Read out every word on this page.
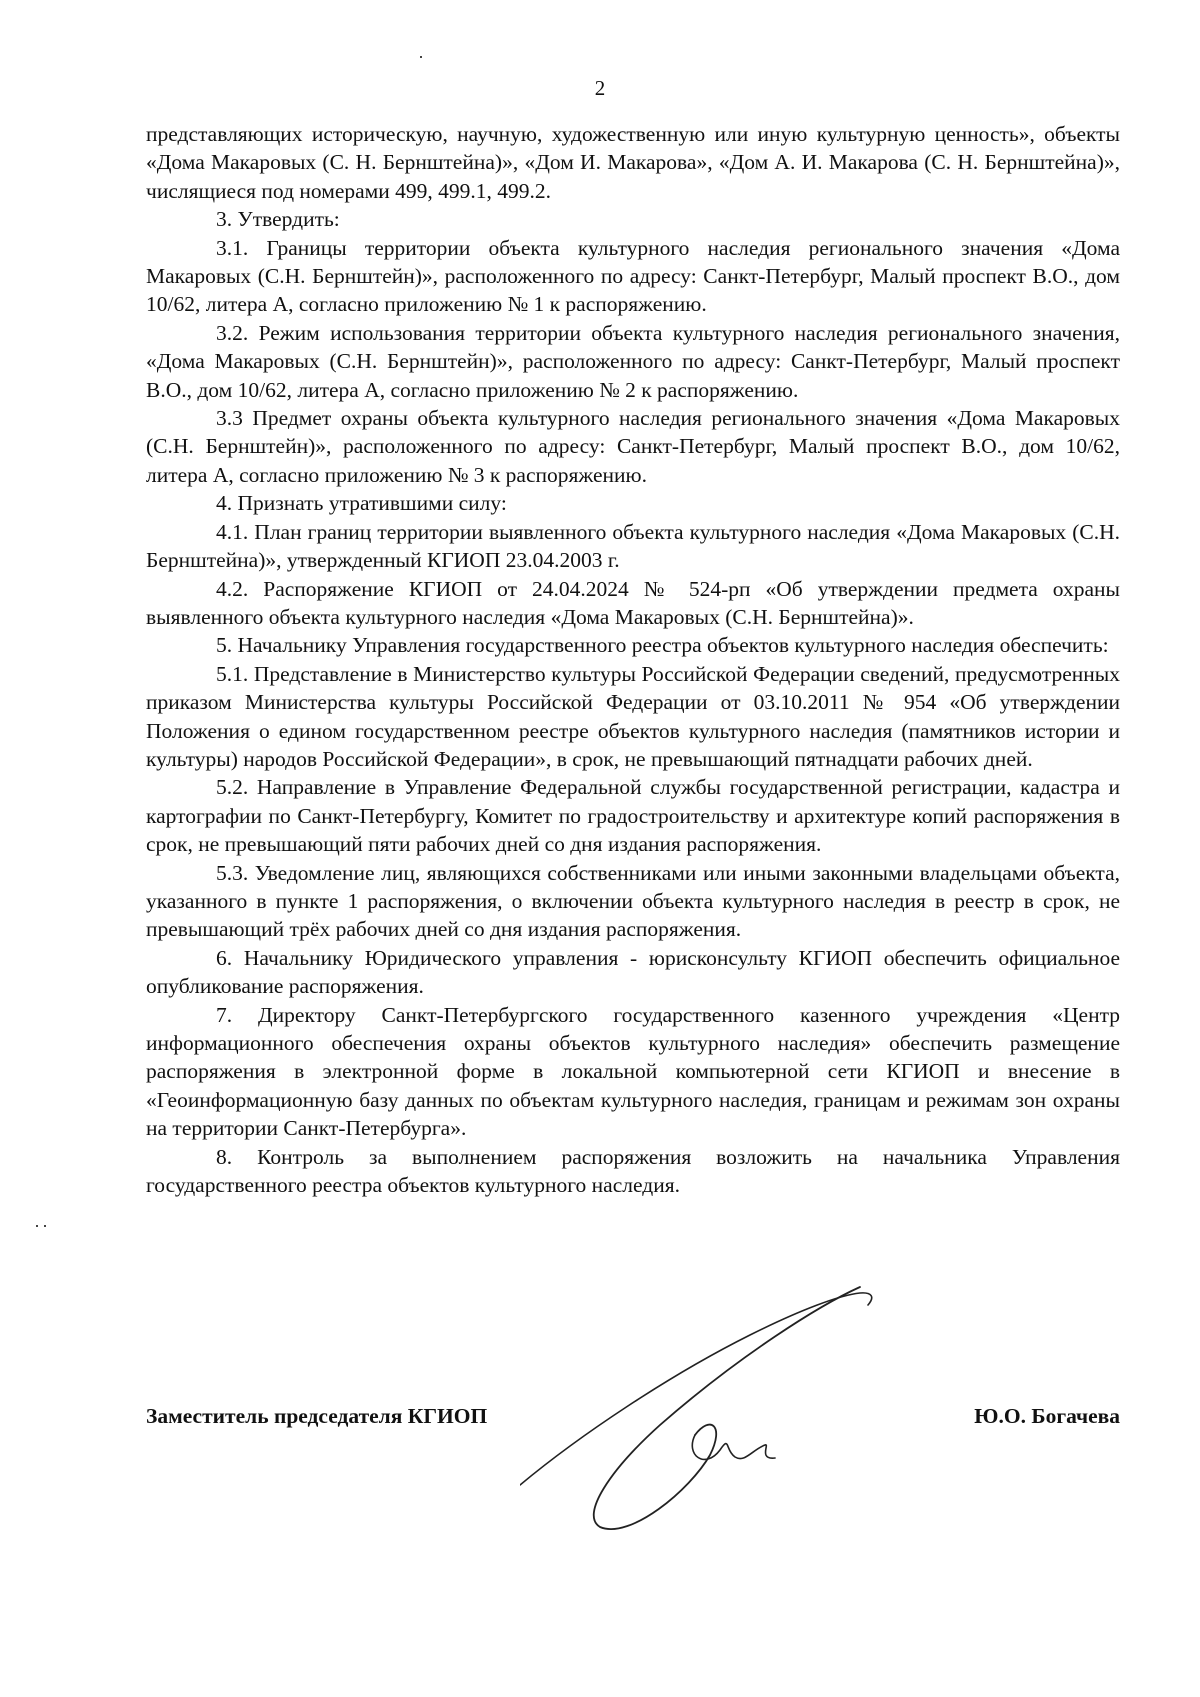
2

представляющих историческую, научную, художественную или иную культурную ценность», объекты «Дома Макаровых (С. Н. Бернштейна)», «Дом И. Макарова», «Дом А. И. Макарова (С. Н. Бернштейна)», числящиеся под номерами 499, 499.1, 499.2.

3. Утвердить:

3.1. Границы территории объекта культурного наследия регионального значения «Дома Макаровых (С.Н. Бернштейн)», расположенного по адресу: Санкт-Петербург, Малый проспект В.О., дом 10/62, литера А, согласно приложению № 1 к распоряжению.

3.2. Режим использования территории объекта культурного наследия регионального значения, «Дома Макаровых (С.Н. Бернштейн)», расположенного по адресу: Санкт-Петербург, Малый проспект В.О., дом 10/62, литера А, согласно приложению № 2 к распоряжению.

3.3 Предмет охраны объекта культурного наследия регионального значения «Дома Макаровых (С.Н. Бернштейн)», расположенного по адресу: Санкт-Петербург, Малый проспект В.О., дом 10/62, литера А, согласно приложению № 3 к распоряжению.

4. Признать утратившими силу:

4.1. План границ территории выявленного объекта культурного наследия «Дома Макаровых (С.Н. Бернштейна)», утвержденный КГИОП 23.04.2003 г.

4.2. Распоряжение КГИОП от 24.04.2024 № 524-рп «Об утверждении предмета охраны выявленного объекта культурного наследия «Дома Макаровых (С.Н. Бернштейна)».

5. Начальнику Управления государственного реестра объектов культурного наследия обеспечить:

5.1. Представление в Министерство культуры Российской Федерации сведений, предусмотренных приказом Министерства культуры Российской Федерации от 03.10.2011 № 954 «Об утверждении Положения о едином государственном реестре объектов культурного наследия (памятников истории и культуры) народов Российской Федерации», в срок, не превышающий пятнадцати рабочих дней.

5.2. Направление в Управление Федеральной службы государственной регистрации, кадастра и картографии по Санкт-Петербургу, Комитет по градостроительству и архитектуре копий распоряжения в срок, не превышающий пяти рабочих дней со дня издания распоряжения.

5.3. Уведомление лиц, являющихся собственниками или иными законными владельцами объекта, указанного в пункте 1 распоряжения, о включении объекта культурного наследия в реестр в срок, не превышающий трёх рабочих дней со дня издания распоряжения.

6. Начальнику Юридического управления - юрисконсульту КГИОП обеспечить официальное опубликование распоряжения.

7. Директору Санкт-Петербургского государственного казенного учреждения «Центр информационного обеспечения охраны объектов культурного наследия» обеспечить размещение распоряжения в электронной форме в локальной компьютерной сети КГИОП и внесение в «Геоинформационную базу данных по объектам культурного наследия, границам и режимам зон охраны на территории Санкт-Петербурга».

8. Контроль за выполнением распоряжения возложить на начальника Управления государственного реестра объектов культурного наследия.

Заместитель председателя КГИОП	Ю.О. Богачева
